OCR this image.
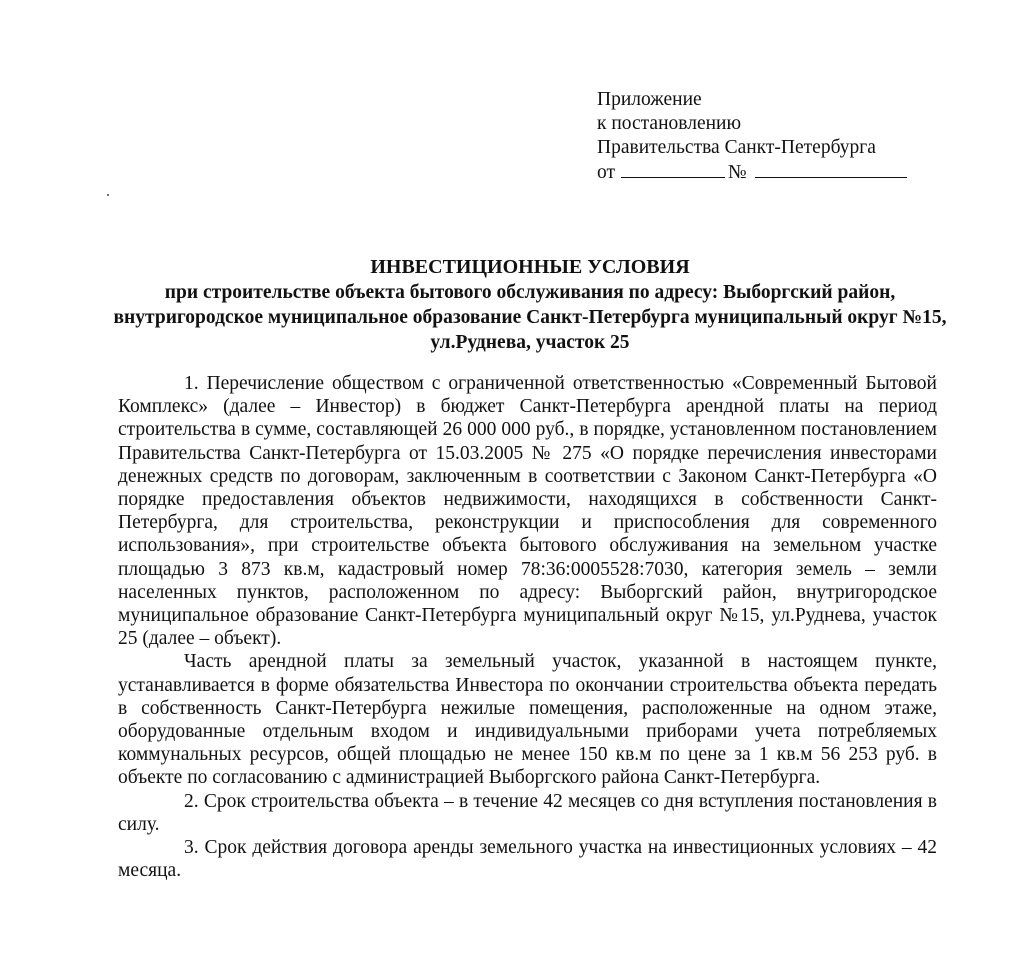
Приложение
к постановлению
Правительства Санкт-Петербурга
от	№
ИНВЕСТИЦИОННЫЕ УСЛОВИЯ
при строительстве объекта бытового обслуживания по адресу: Выборгский район, внутригородское муниципальное образование Санкт-Петербурга муниципальный округ №15, ул.Руднева, участок 25

1. Перечисление обществом с ограниченной ответственностью «Современный Бытовой Комплекс» (далее – Инвестор) в бюджет Санкт-Петербурга арендной платы на период строительства в сумме, составляющей 26 000 000 руб., в порядке, установленном постановлением Правительства Санкт-Петербурга от 15.03.2005 № 275 «О порядке перечисления инвесторами денежных средств по договорам, заключенным в соответствии с Законом Санкт-Петербурга «О порядке предоставления объектов недвижимости, находящихся в собственности Санкт-Петербурга, для строительства, реконструкции и приспособления для современного использования», при строительстве объекта бытового обслуживания на земельном участке площадью 3 873 кв.м, кадастровый номер 78:36:0005528:7030, категория земель – земли населенных пунктов, расположенном по адресу: Выборгский район, внутригородское муниципальное образование Санкт-Петербурга муниципальный округ №15, ул.Руднева, участок 25 (далее – объект).

Часть арендной платы за земельный участок, указанной в настоящем пункте, устанавливается в форме обязательства Инвестора по окончании строительства объекта передать в собственность Санкт-Петербурга нежилые помещения, расположенные на одном этаже, оборудованные отдельным входом и индивидуальными приборами учета потребляемых коммунальных ресурсов, общей площадью не менее 150 кв.м по цене за 1 кв.м 56 253 руб. в объекте по согласованию с администрацией Выборгского района Санкт-Петербурга.

2. Срок строительства объекта – в течение 42 месяцев со дня вступления постановления в силу.

3. Срок действия договора аренды земельного участка на инвестиционных условиях – 42 месяца.
